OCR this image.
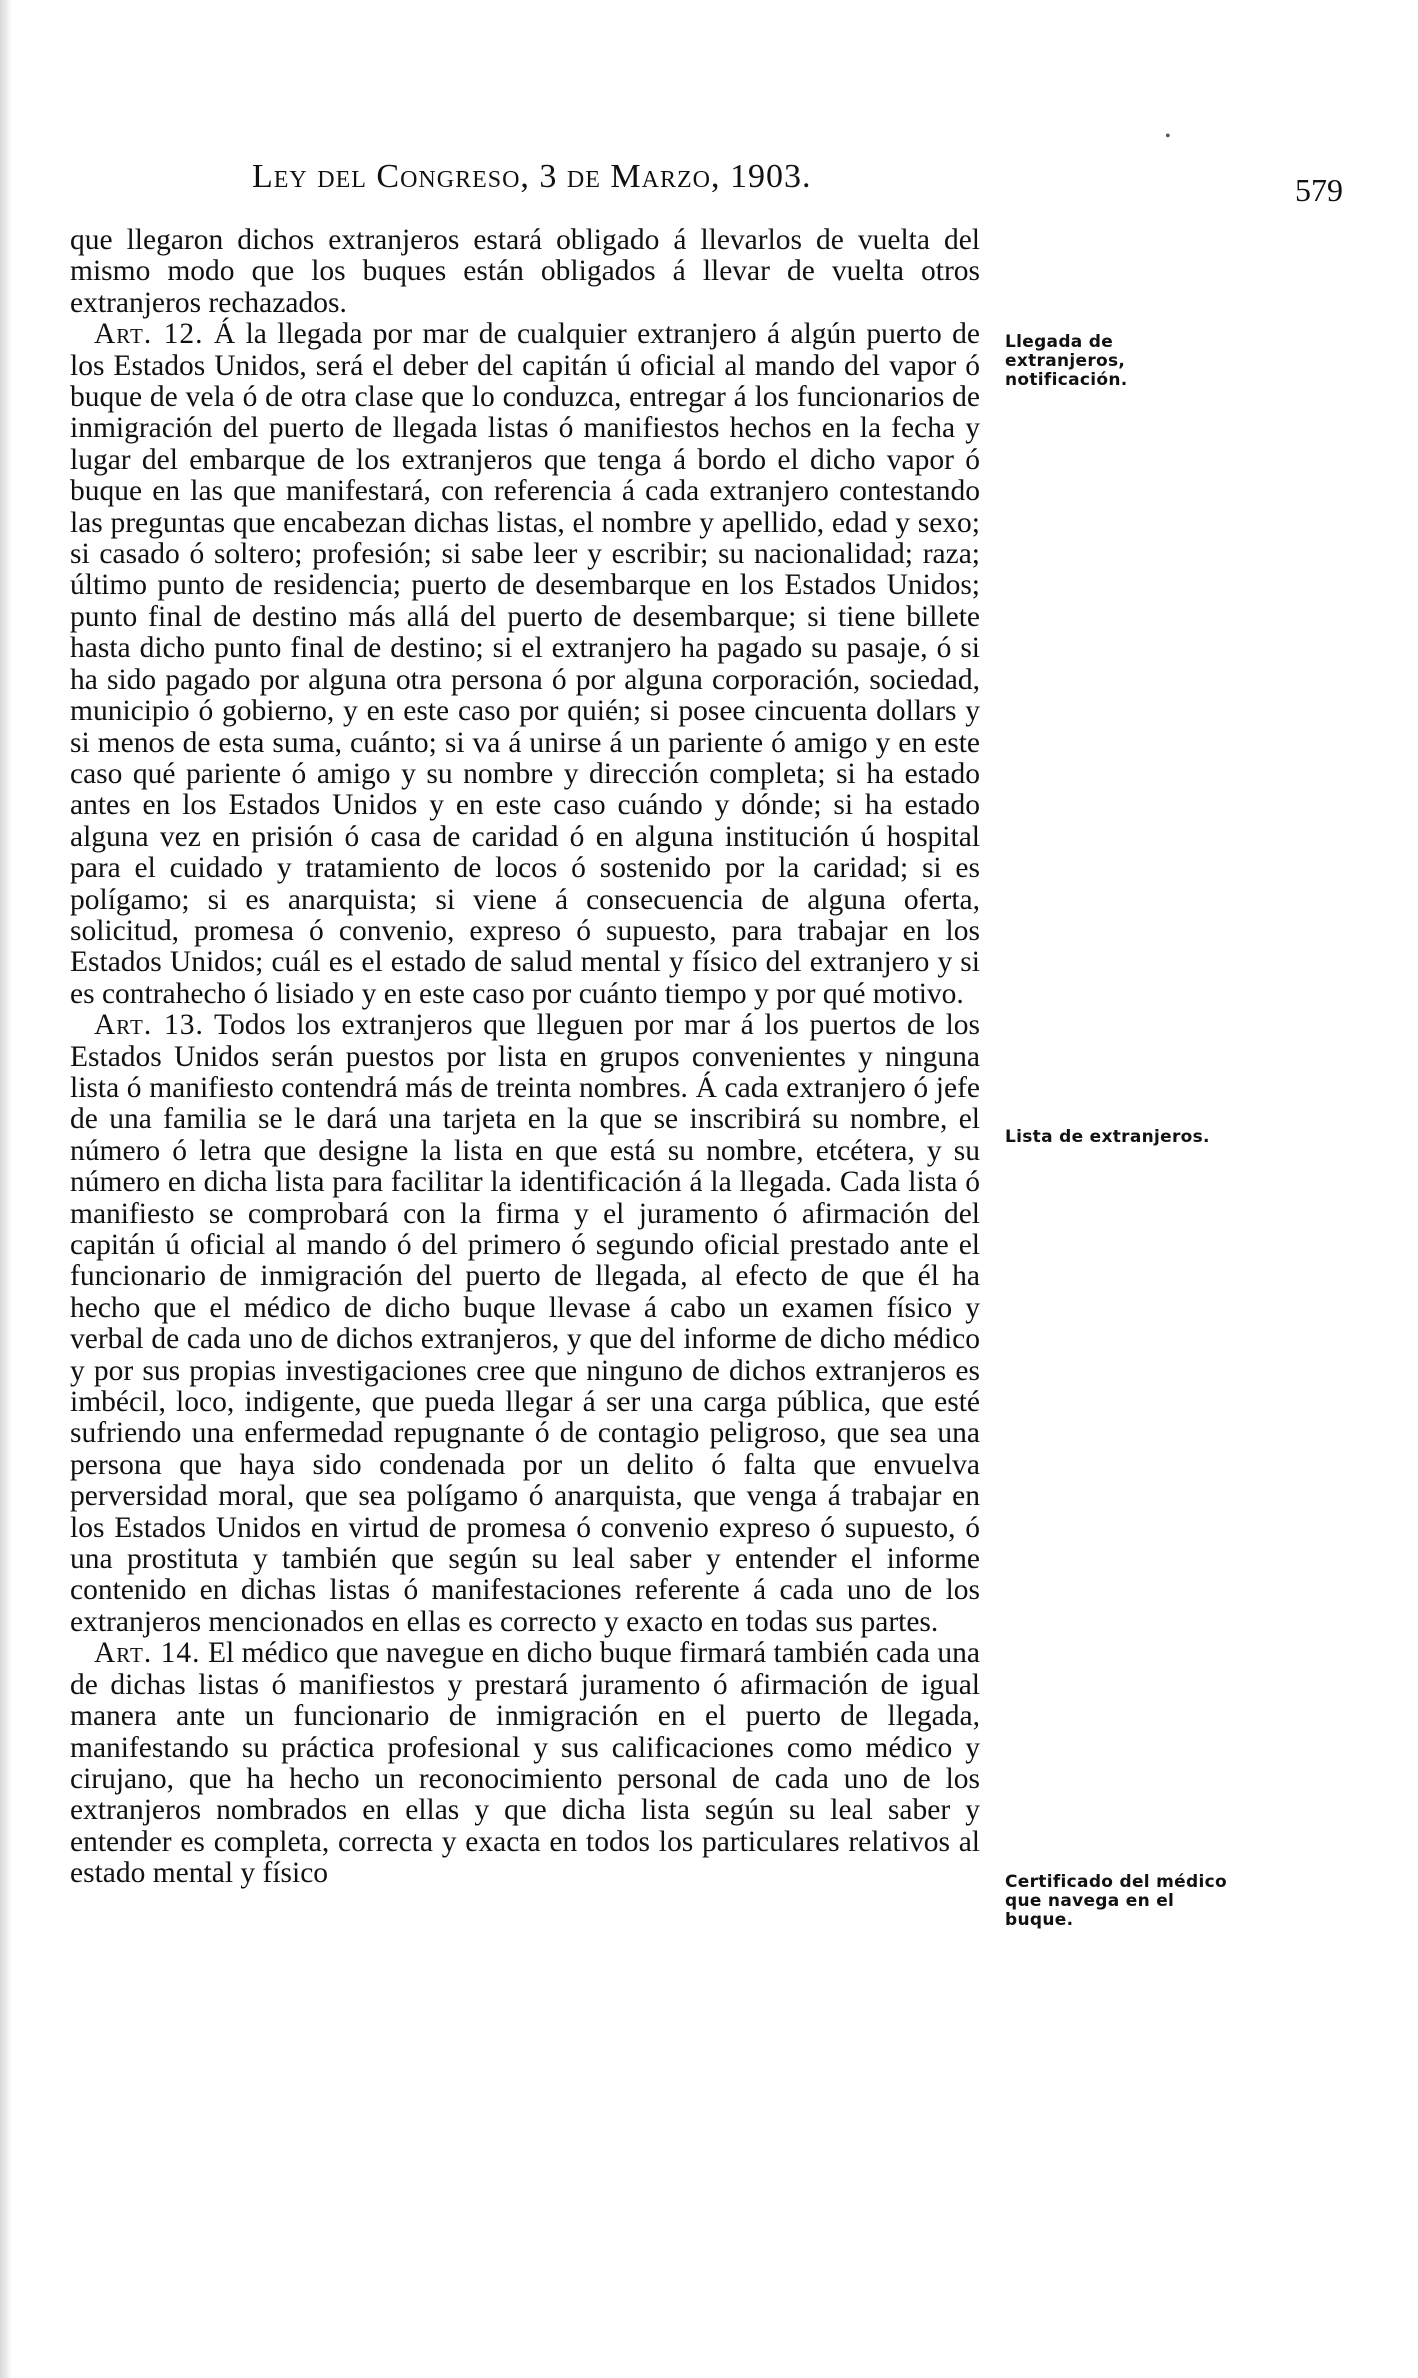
•
Ley del Congreso, 3 de Marzo, 1903.	579

que llegaron dichos extranjeros estará obligado á llevarlos de vuelta del mismo modo que los buques están obligados á llevar de vuelta otros extranjeros rechazados.

Art. 12. Á la llegada por mar de cualquier extranjero á algún puerto de los Estados Unidos, será el deber del capitán ú oficial al mando del vapor ó buque de vela ó de otra clase que lo conduzca, entregar á los funcionarios de inmigración del puerto de llegada listas ó manifiestos hechos en la fecha y lugar del embarque de los extranjeros que tenga á bordo el dicho vapor ó buque en las que manifestará, con referencia á cada extranjero contestando las preguntas que encabezan dichas listas, el nombre y apellido, edad y sexo; si casado ó soltero; profesión; si sabe leer y escribir; su nacionalidad; raza; último punto de residencia; puerto de desembarque en los Estados Unidos; punto final de destino más allá del puerto de desembarque; si tiene billete hasta dicho punto final de destino; si el extranjero ha pagado su pasaje, ó si ha sido pagado por alguna otra persona ó por alguna corporación, sociedad, municipio ó gobierno, y en este caso por quién; si posee cincuenta dollars y si menos de esta suma, cuánto; si va á unirse á un pariente ó amigo y en este caso qué pariente ó amigo y su nombre y dirección completa; si ha estado antes en los Estados Unidos y en este caso cuándo y dónde; si ha estado alguna vez en prisión ó casa de caridad ó en alguna institución ú hospital para el cuidado y tratamiento de locos ó sostenido por la caridad; si es polígamo; si es anarquista; si viene á consecuencia de alguna oferta, solicitud, promesa ó convenio, expreso ó supuesto, para trabajar en los Estados Unidos; cuál es el estado de salud mental y físico del extranjero y si es contrahecho ó lisiado y en este caso por cuánto tiempo y por qué motivo.

Art. 13. Todos los extranjeros que lleguen por mar á los puertos de los Estados Unidos serán puestos por lista en grupos convenientes y ninguna lista ó manifiesto contendrá más de treinta nombres. Á cada extranjero ó jefe de una familia se le dará una tarjeta en la que se inscribirá su nombre, el número ó letra que designe la lista en que está su nombre, etcétera, y su número en dicha lista para facilitar la identificación á la llegada. Cada lista ó manifiesto se comprobará con la firma y el juramento ó afirmación del capitán ú oficial al mando ó del primero ó segundo oficial prestado ante el funcionario de inmigración del puerto de llegada, al efecto de que él ha hecho que el médico de dicho buque llevase á cabo un examen físico y verbal de cada uno de dichos extranjeros, y que del informe de dicho médico y por sus propias investigaciones cree que ninguno de dichos extranjeros es imbécil, loco, indigente, que pueda llegar á ser una carga pública, que esté sufriendo una enfermedad repugnante ó de contagio peligroso, que sea una persona que haya sido condenada por un delito ó falta que envuelva perversidad moral, que sea polígamo ó anarquista, que venga á trabajar en los Estados Unidos en virtud de promesa ó convenio expreso ó supuesto, ó una prostituta y también que según su leal saber y entender el informe contenido en dichas listas ó manifestaciones referente á cada uno de los extranjeros mencionados en ellas es correcto y exacto en todas sus partes.

Art. 14. El médico que navegue en dicho buque firmará también cada una de dichas listas ó manifiestos y prestará juramento ó afirmación de igual manera ante un funcionario de inmigración en el puerto de llegada, manifestando su práctica profesional y sus calificaciones como médico y cirujano, que ha hecho un reconocimiento personal de cada uno de los extranjeros nombrados en ellas y que dicha lista según su leal saber y entender es completa, correcta y exacta en todos los particulares relativos al estado mental y físico

Llegada de extranjeros, notificación.
Lista de extranjeros.
Certificado del médico que navega en el buque.
